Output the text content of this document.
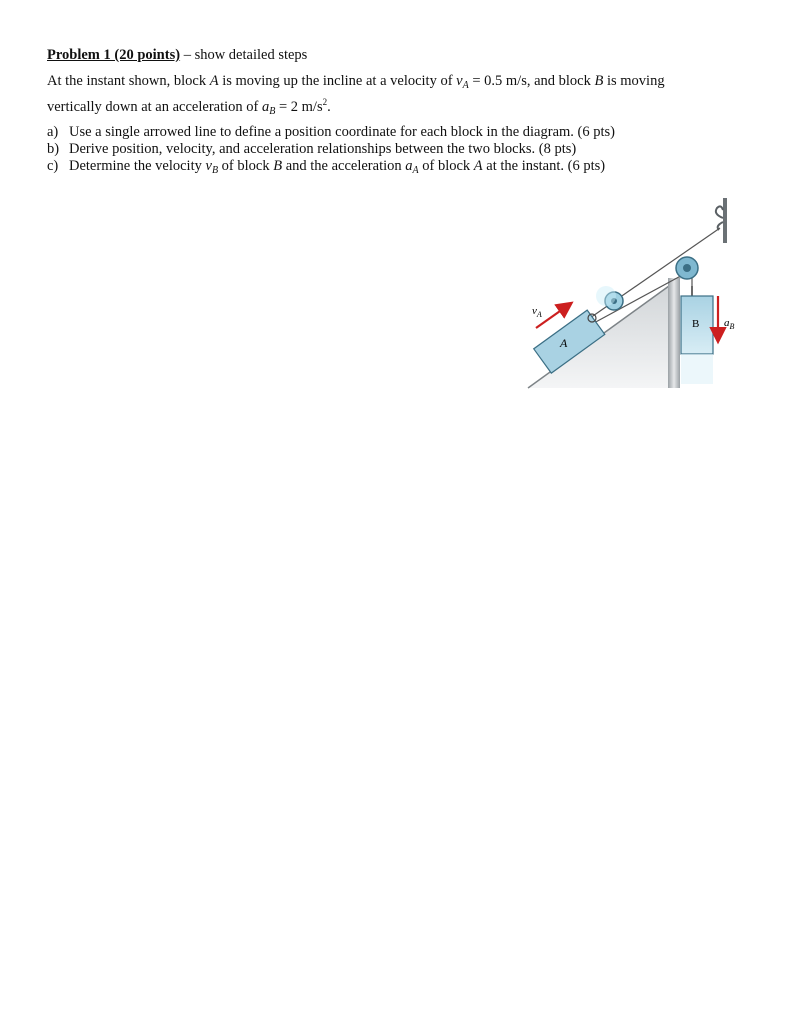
Problem 1 (20 points) – show detailed steps
At the instant shown, block A is moving up the incline at a velocity of $v_A = 0.5$ m/s, and block B is moving
vertically down at an acceleration of $a_B = 2$ $m/s^2$.
a) Use a single arrowed line to define a position coordinate for each block in the diagram. (6 pts)
b) Derive position, velocity, and acceleration relationships between the two blocks. (8 pts)
c) Determine the velocity $v_B$ of block B and the acceleration $a_A$ of block A at the instant. (6 pts)
A
$v_A$
B $a_B$
